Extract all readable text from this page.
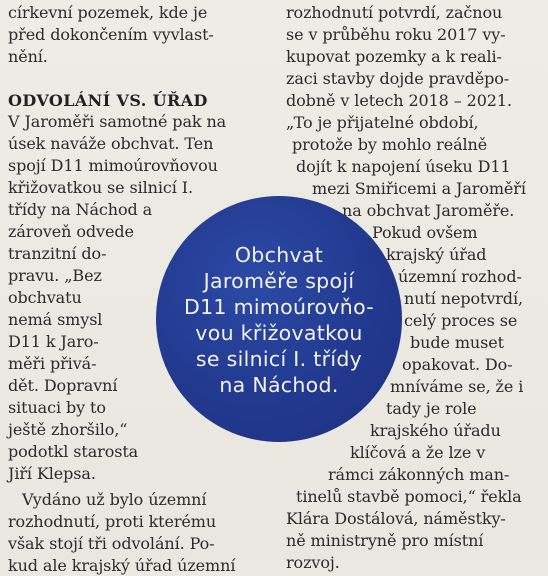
církevní pozemek, kde je
před dokončením vyvlast-
nění.
ODVOLÁNÍ VS. ÚŘAD
V Jaroměři samotné pak na
úsek naváže obchvat. Ten
spojí D11 mimoúrovňovou
křižovatkou se silnicí I.
třídy na Náchod a
zároveň odvede
tranzitní do-
pravu. „Bez
obchvatu
nemá smysl
D11 k Jaro-
měři přivá-
dět. Dopravní
situaci by to
ještě zhoršilo,“
podotkl starosta
Jiří Klepsa.
Vydáno už bylo územní
rozhodnutí, proti kterému
však stojí tři odvolání. Po-
kud ale krajský úřad územní
rozhodnutí potvrdí, začnou
se v průběhu roku 2017 vy-
kupovat pozemky a k reali-
zaci stavby dojde pravděpo-
dobně v letech 2018 – 2021.
„To je přijatelné období,
protože by mohlo reálně
dojít k napojení úseku D11
mezi Smiřicemi a Jaroměří
na obchvat Jaroměře.
Pokud ovšem
krajský úřad
územní rozhod-
nutí nepotvrdí,
celý proces se
bude muset
opakovat. Do-
mníváme se, že i
tady je role
krajského úřadu
klíčová a že lze v
rámci zákonných man-
tinelů stavbě pomoci,“ řekla
Klára Dostálová, náměstky-
ně ministryně pro místní
rozvoj.
Obchvat
Jaroměře spojí
D11 mimoúrovňo-
vou křižovatkou
se silnicí I. třídy
na Náchod.
